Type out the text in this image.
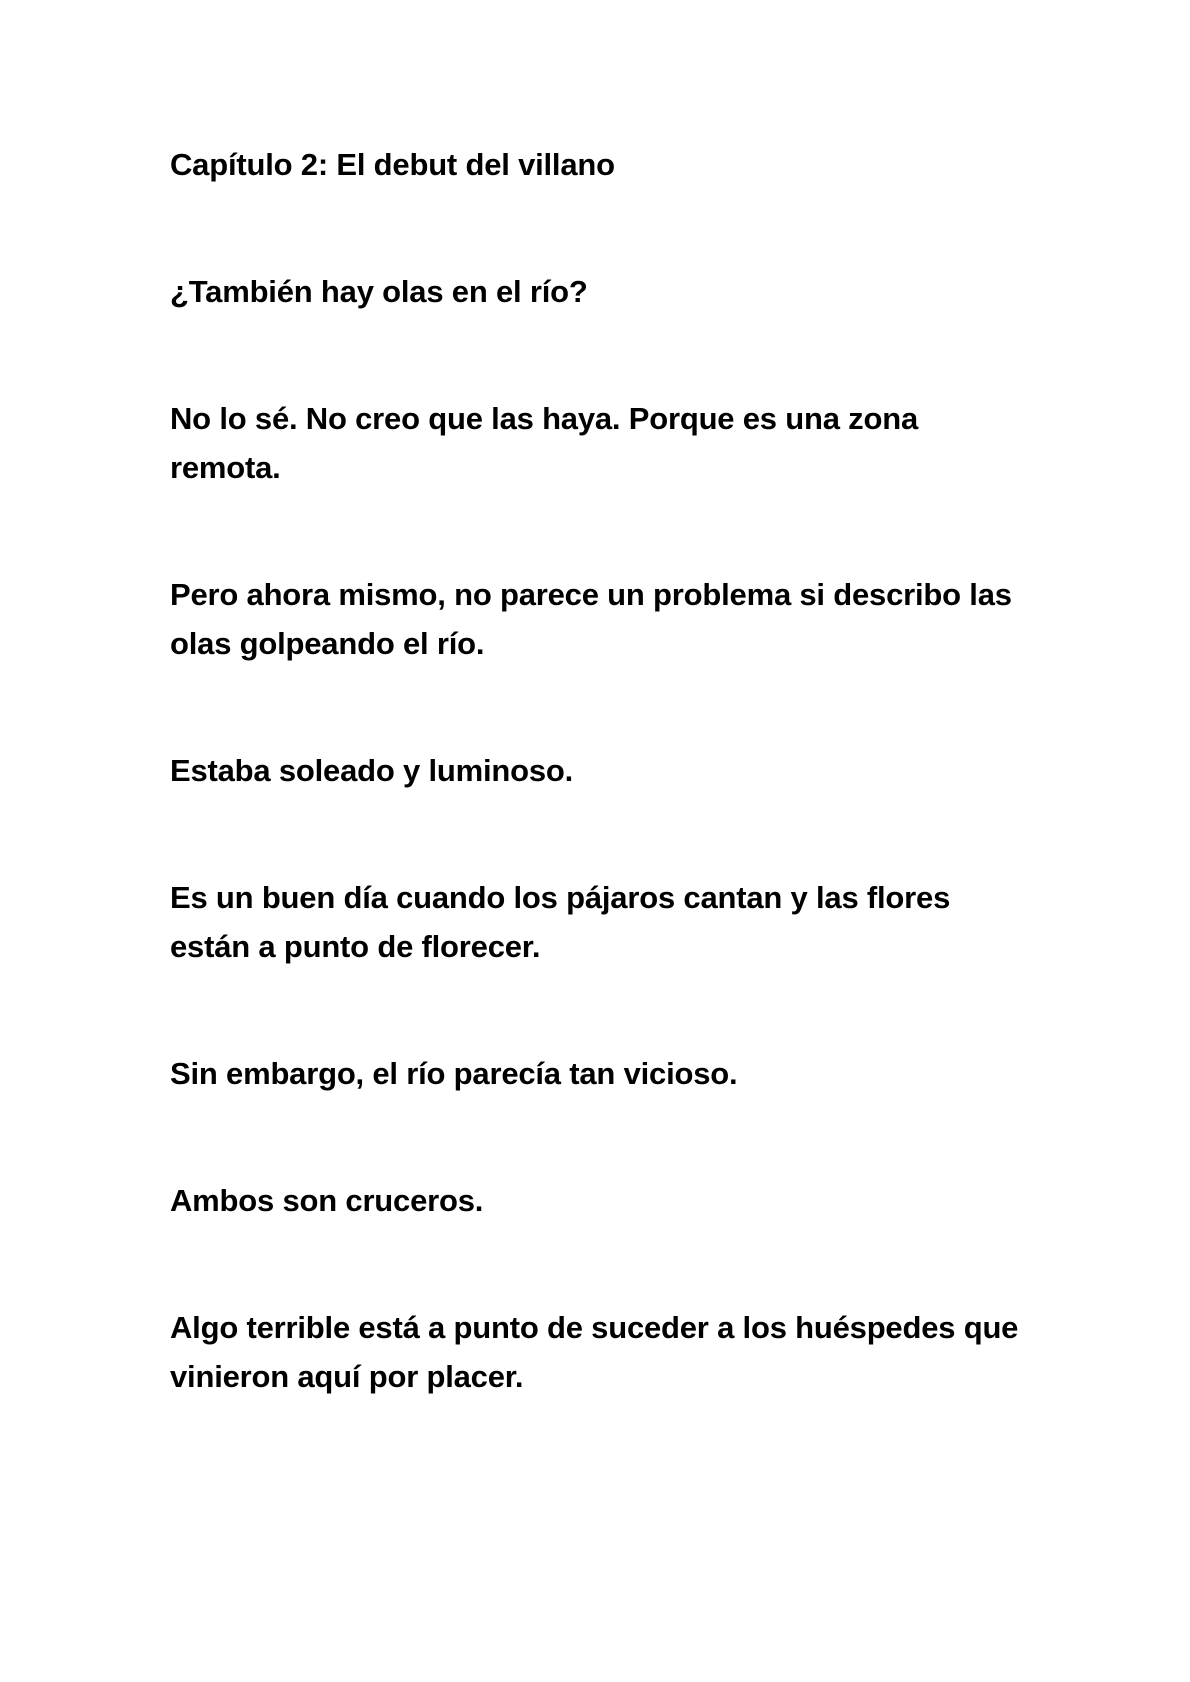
Capítulo 2: El debut del villano

¿También hay olas en el río?

No lo sé. No creo que las haya. Porque es una zona remota.

Pero ahora mismo, no parece un problema si describo las olas golpeando el río.

Estaba soleado y luminoso.

Es un buen día cuando los pájaros cantan y las flores están a punto de florecer.

Sin embargo, el río parecía tan vicioso.

Ambos son cruceros.

Algo terrible está a punto de suceder a los huéspedes que vinieron aquí por placer.
